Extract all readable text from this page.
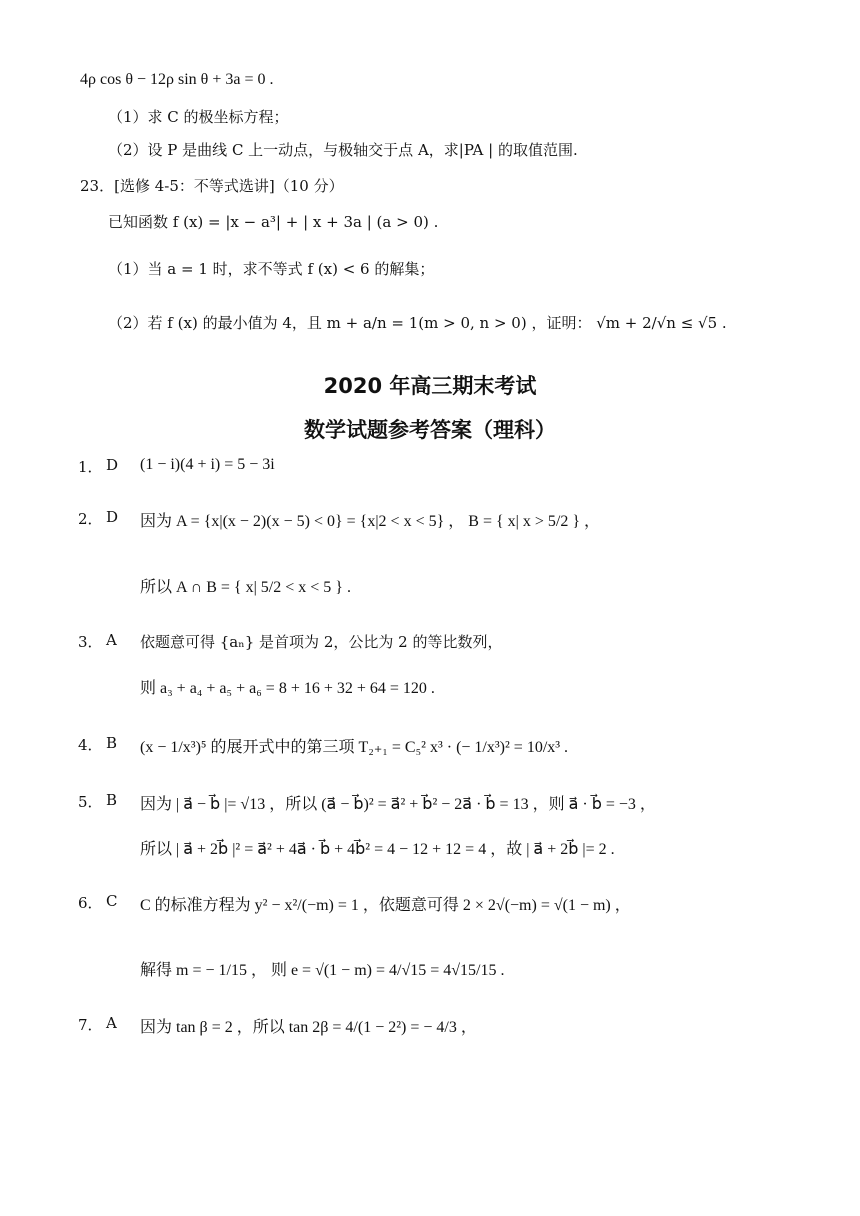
4ρ cos θ − 12ρ sin θ + 3a = 0 .
（1）求 C 的极坐标方程；
（2）设 P 是曲线 C 上一动点，与极轴交于点 A，求|PA | 的取值范围.
23．[选修 4-5：不等式选讲]（10 分）
已知函数 f (x) = |x − a³| + | x + 3a | (a > 0) .
（1）当 a = 1 时，求不等式 f (x) < 6 的解集；
（2）若 f (x) 的最小值为 4，且 m + a/n = 1(m > 0, n > 0) ，证明： √m + 2/√n ≤ √5 .
2020 年高三期末考试
数学试题参考答案（理科）
1． D (1 − i)(4 + i) = 5 − 3i
2． D 因为 A = {x|(x − 2)(x − 5) < 0} = {x|2 < x < 5} ， B = { x| x > 5/2 } ，
所以 A ∩ B = { x| 5/2 < x < 5 } .
3． A 依题意可得 {aₙ} 是首项为 2，公比为 2 的等比数列，
则 a₃ + a₄ + a₅ + a₆ = 8 + 16 + 32 + 64 = 120 .
4． B (x − 1/x³)⁵ 的展开式中的第三项 T₂₊₁ = C₅² x³ · (− 1/x³)² = 10/x³ .
5． B 因为 | a⃗ − b⃗ |= √13 ，所以 (a⃗ − b⃗)² = a⃗² + b⃗² − 2a⃗ · b⃗ = 13 ，则 a⃗ · b⃗ = −3 ，
所以 | a⃗ + 2b⃗ |² = a⃗² + 4a⃗ · b⃗ + 4b⃗² = 4 − 12 + 12 = 4 ，故 | a⃗ + 2b⃗ |= 2 .
6． C C 的标准方程为 y² − x²/(−m) = 1 ，依题意可得 2 × 2√(−m) = √(1 − m) ，
解得 m = − 1/15 ， 则 e = √(1 − m) = 4/√15 = 4√15/15 .
7． A 因为 tan β = 2 ，所以 tan 2β = 4/(1 − 2²) = − 4/3 ，
